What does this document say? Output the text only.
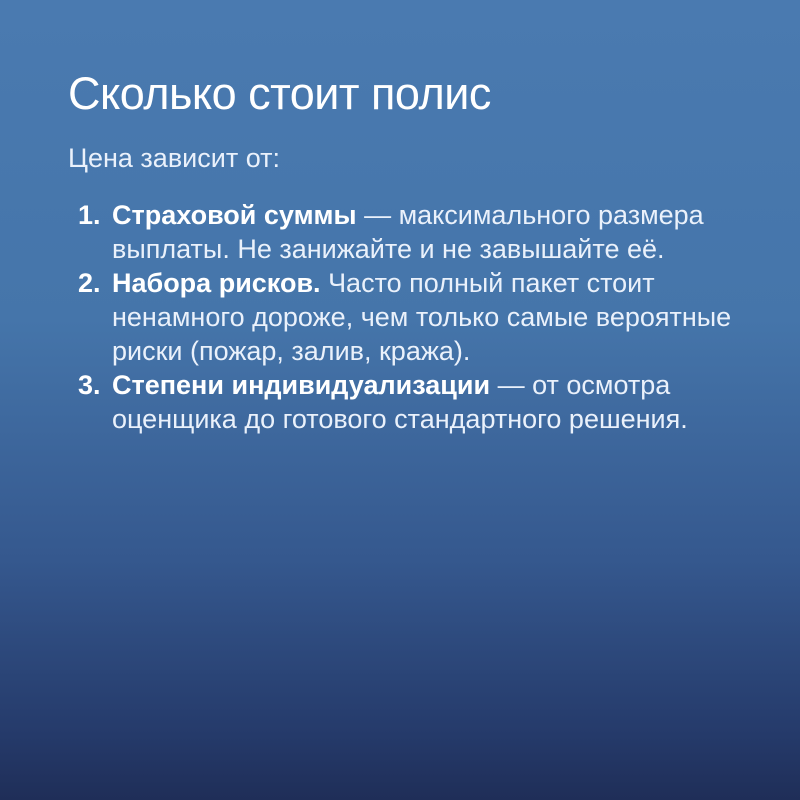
Сколько стоит полис

Цена зависит от:

1. Страховой суммы — максимального размера выплаты. Не занижайте и не завышайте её.
2. Набора рисков. Часто полный пакет стоит ненамного дороже, чем только самые вероятные риски (пожар, залив, кража).
3. Степени индивидуализации — от осмотра оценщика до готового стандартного решения.
